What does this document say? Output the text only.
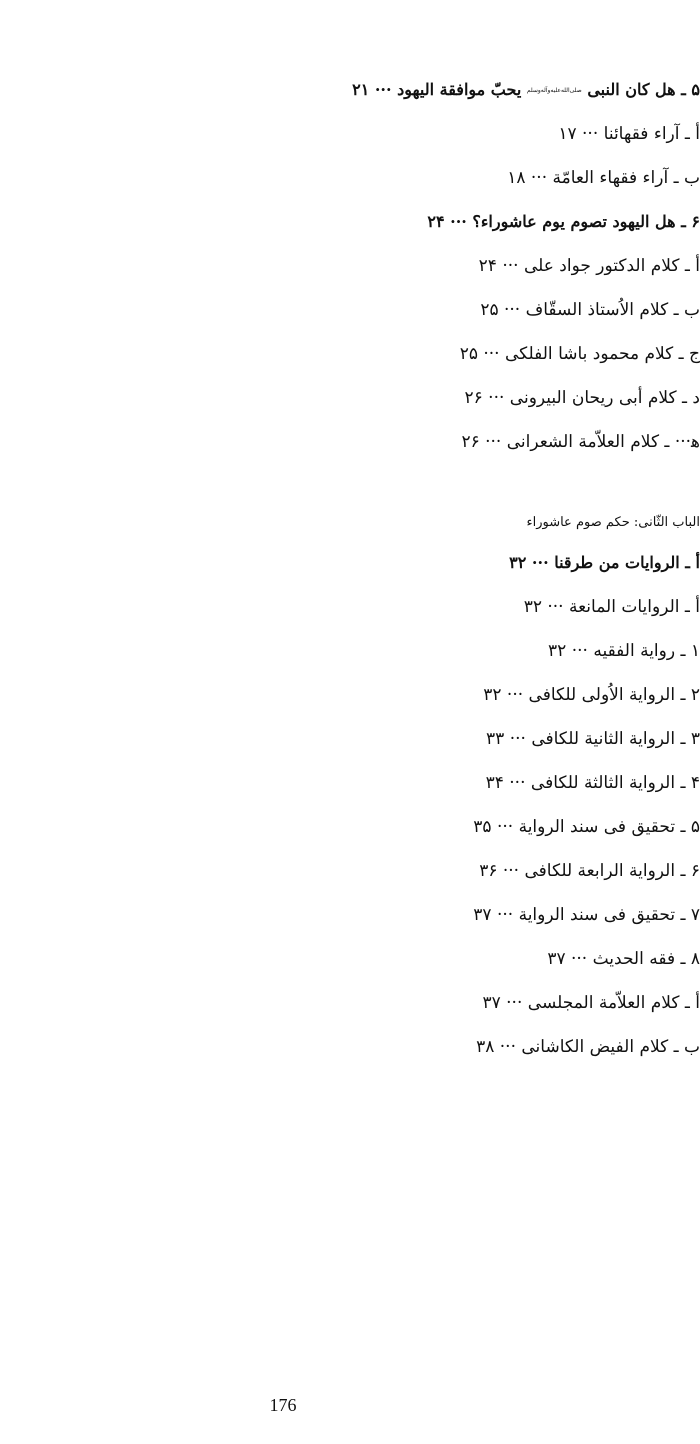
۵ ـ هل كان النبى صلى‌الله‌عليه‌وآله‌وسلم يحبّ موافقة اليهود ··· ۲۱
أ ـ آراء فقهائنا ··· ۱۷
ب ـ آراء فقهاء العامّة ··· ۱۸
۶ ـ هل اليهود تصوم يوم عاشوراء؟ ··· ۲۴
أ ـ كلام الدكتور جواد على ··· ۲۴
ب ـ كلام الاُستاذ السقّاف ··· ۲۵
ج ـ كلام محمود باشا الفلكى ··· ۲۵
د ـ كلام أبى ريحان البيرونى ··· ۲۶
ه‍··· ـ كلام العلاّمة الشعرانى ··· ۲۶
الباب الثّانى: حكم صوم عاشوراء
أ ـ الروايات من طرقنا ··· ۳۲
أ ـ الروايات المانعة ··· ۳۲
۱ ـ رواية الفقيه ··· ۳۲
۲ ـ الرواية الاُولى للكافى ··· ۳۲
۳ ـ الرواية الثانية للكافى ··· ۳۳
۴ ـ الرواية الثالثة للكافى ··· ۳۴
۵ ـ تحقيق فى سند الرواية ··· ۳۵
۶ ـ الرواية الرابعة للكافى ··· ۳۶
۷ ـ تحقيق فى سند الرواية ··· ۳۷
۸ ـ فقه الحديث ··· ۳۷
أ ـ كلام العلاّمة المجلسى ··· ۳۷
ب ـ كلام الفيض الكاشانى ··· ۳۸
176
